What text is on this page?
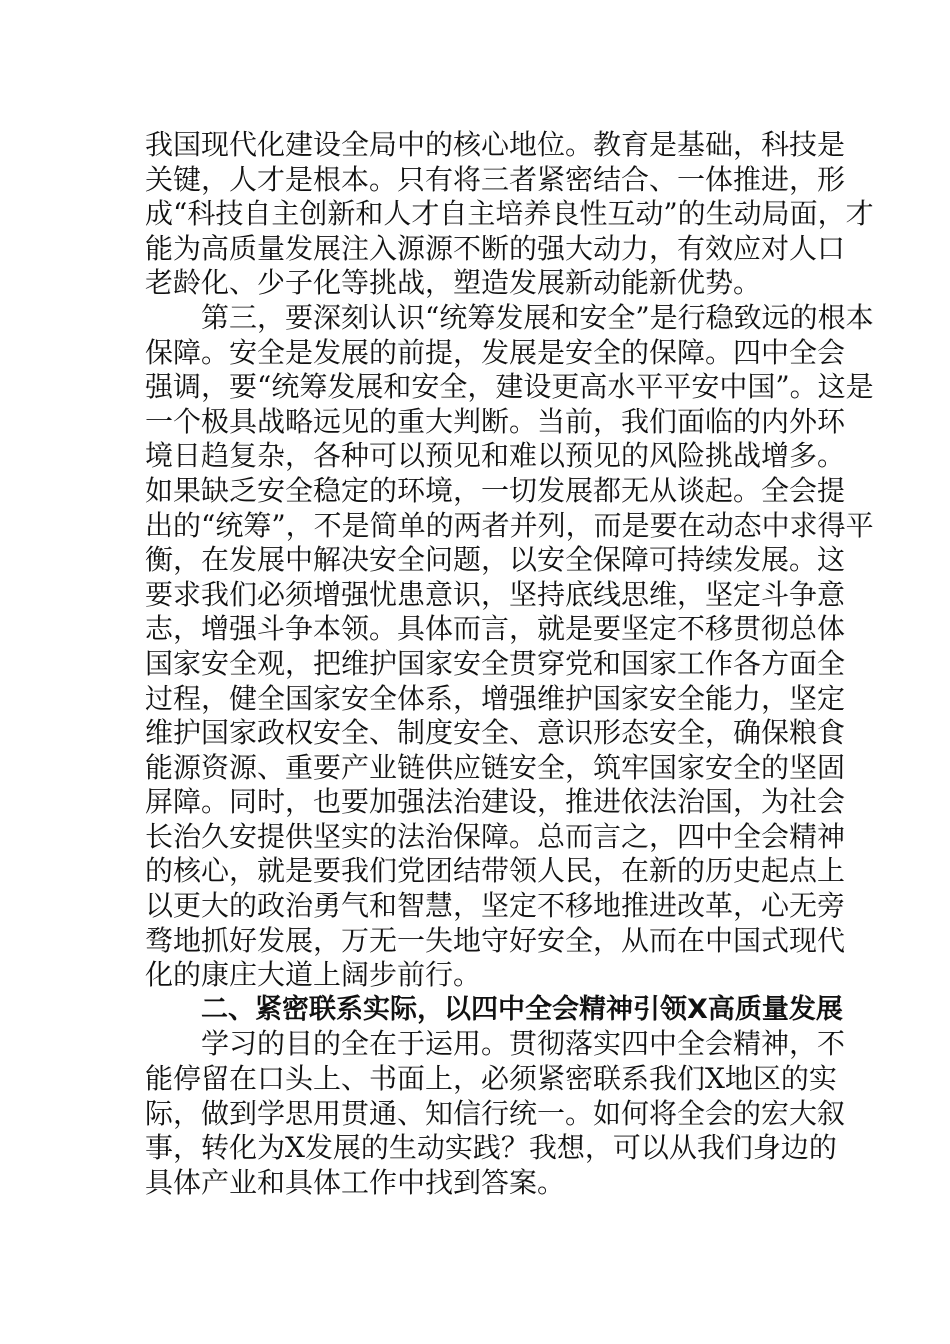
我国现代化建设全局中的核心地位。教育是基础，科技是
关键，人才是根本。只有将三者紧密结合、一体推进，形
成“科技自主创新和人才自主培养良性互动”的生动局面，才
能为高质量发展注入源源不断的强大动力，有效应对人口
老龄化、少子化等挑战，塑造发展新动能新优势。
第三，要深刻认识“统筹发展和安全”是行稳致远的根本
保障。安全是发展的前提，发展是安全的保障。四中全会
强调，要“统筹发展和安全，建设更高水平平安中国”。这是
一个极具战略远见的重大判断。当前，我们面临的内外环
境日趋复杂，各种可以预见和难以预见的风险挑战增多。
如果缺乏安全稳定的环境，一切发展都无从谈起。全会提
出的“统筹”，不是简单的两者并列，而是要在动态中求得平
衡，在发展中解决安全问题，以安全保障可持续发展。这
要求我们必须增强忧患意识，坚持底线思维，坚定斗争意
志，增强斗争本领。具体而言，就是要坚定不移贯彻总体
国家安全观，把维护国家安全贯穿党和国家工作各方面全
过程，健全国家安全体系，增强维护国家安全能力，坚定
维护国家政权安全、制度安全、意识形态安全，确保粮食
能源资源、重要产业链供应链安全，筑牢国家安全的坚固
屏障。同时，也要加强法治建设，推进依法治国，为社会
长治久安提供坚实的法治保障。总而言之，四中全会精神
的核心，就是要我们党团结带领人民，在新的历史起点上
以更大的政治勇气和智慧，坚定不移地推进改革，心无旁
骛地抓好发展，万无一失地守好安全，从而在中国式现代
化的康庄大道上阔步前行。
二、紧密联系实际，以四中全会精神引领X高质量发展
学习的目的全在于运用。贯彻落实四中全会精神，不
能停留在口头上、书面上，必须紧密联系我们X地区的实
际，做到学思用贯通、知信行统一。如何将全会的宏大叙
事，转化为X发展的生动实践？我想，可以从我们身边的
具体产业和具体工作中找到答案。
